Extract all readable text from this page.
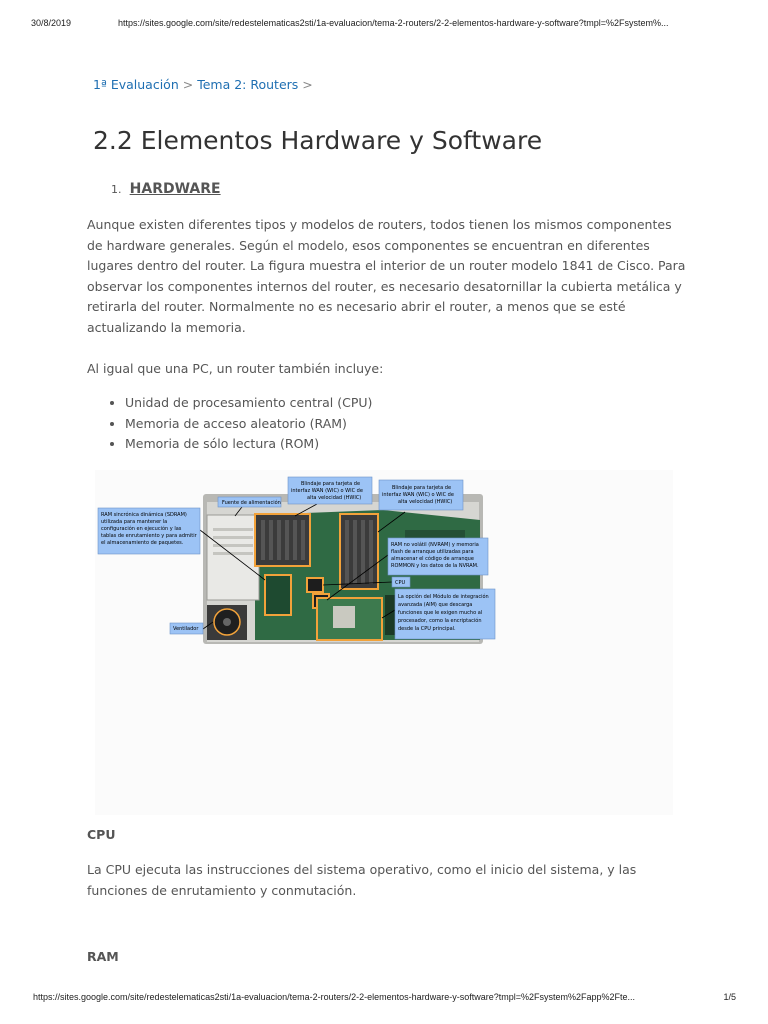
30/8/2019	https://sites.google.com/site/redestelematicas2sti/1a-evaluacion/tema-2-routers/2-2-elementos-hardware-y-software?tmpl=%2Fsystem%...
1ª Evaluación > Tema 2: Routers >
2.2 Elementos Hardware y Software
1. HARDWARE

Aunque existen diferentes tipos y modelos de routers, todos tienen los mismos componentes de hardware generales. Según el modelo, esos componentes se encuentran en diferentes lugares dentro del router. La figura muestra el interior de un router modelo 1841 de Cisco. Para observar los componentes internos del router, es necesario desatornillar la cubierta metálica y retirarla del router. Normalmente no es necesario abrir el router, a menos que se esté actualizando la memoria.

Al igual que una PC, un router también incluye:

• Unidad de procesamiento central (CPU)
• Memoria de acceso aleatorio (RAM)
• Memoria de sólo lectura (ROM)
RAM sincrónica dinámica (SDRAM)
utilizada para mantener la
configuración en ejecución y las
tablas de enrutamiento y para admitir
el almacenamiento de paquetes.
Fuente de alimentación
Blindaje para tarjeta de
interfaz WAN (WIC) o WIC de
alta velocidad (HWIC)
Blindaje para tarjeta de
interfaz WAN (WIC) o WIC de
alta velocidad (HWIC)
RAM no volátil (NVRAM) y memoria
flash de arranque utilizadas para
almacenar el código de arranque
ROMMON y los datos de la NVRAM.
CPU
La opción del Módulo de integración
avanzada (AIM) que descarga
funciones que le exigen mucho al
procesador, como la encriptación
desde la CPU principal.
Ventilador
CPU

La CPU ejecuta las instrucciones del sistema operativo, como el inicio del sistema, y las funciones de enrutamiento y conmutación.

RAM
https://sites.google.com/site/redestelematicas2sti/1a-evaluacion/tema-2-routers/2-2-elementos-hardware-y-software?tmpl=%2Fsystem%2Fapp%2Fte...	1/5
